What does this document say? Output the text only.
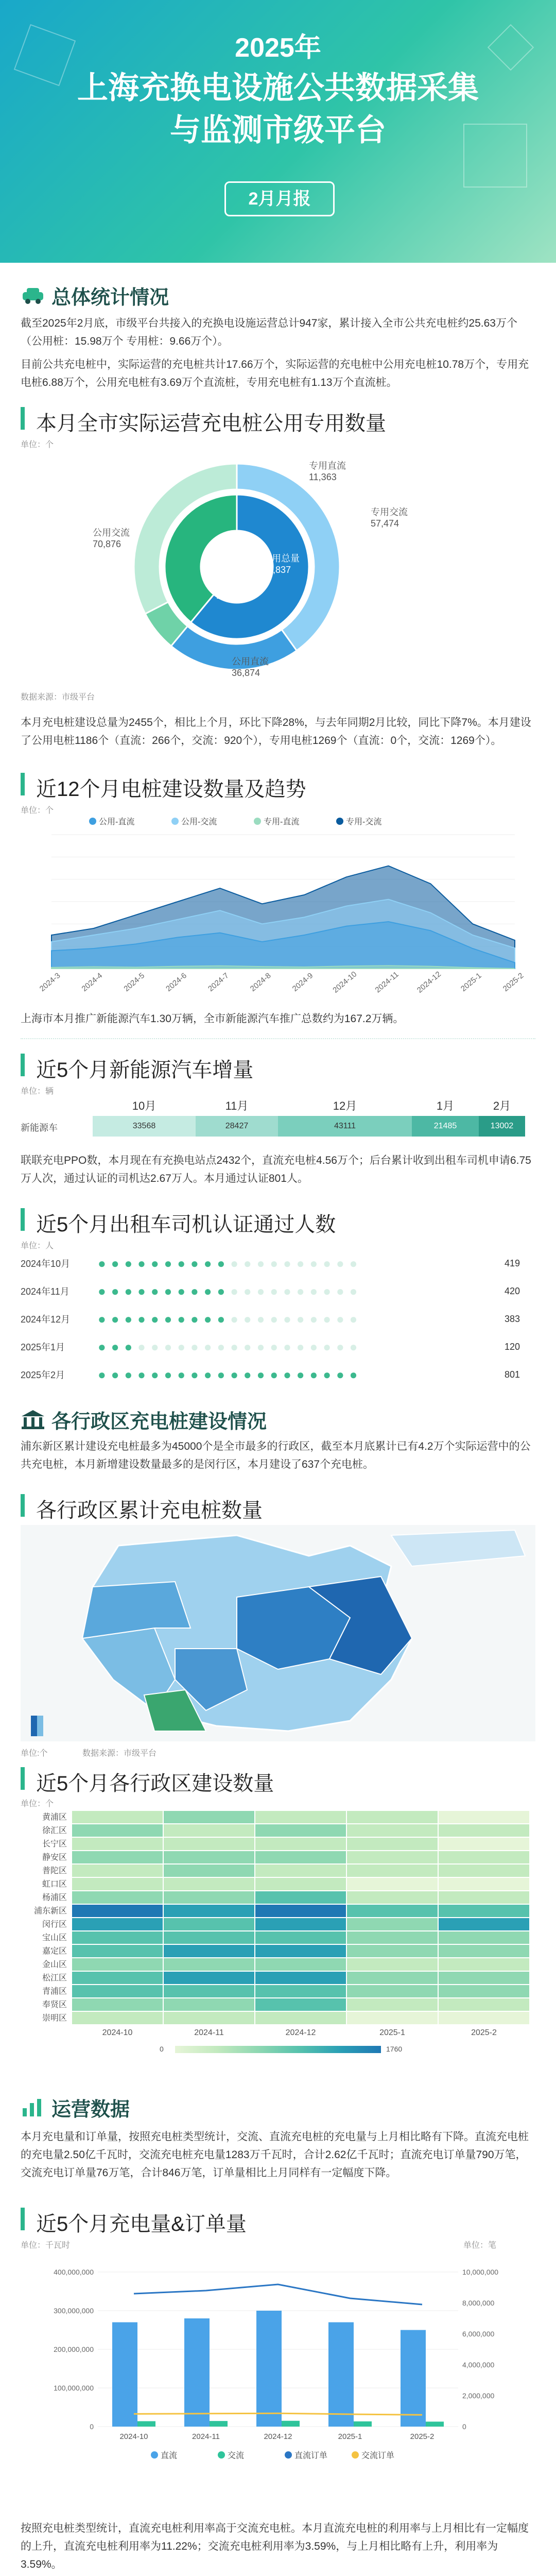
2025年
上海充换电设施公共数据采集与监测市级平台
2月月报
总体统计情况
截至2025年2月底，市级平台共接入的充换电设施运营总计947家，累计接入全市公共充电桩约25.63万个（公用桩：15.98万个 专用桩：9.66万个）。
目前公共充电桩中，实际运营的充电桩共计17.66万个，实际运营的充电桩中公用充电桩10.78万个，专用充电桩6.88万个，公用充电桩有3.69万个直流桩，专用充电桩有1.13万个直流桩。
本月全市实际运营充电桩公用专用数量
单位：个
公用交流 70,876
公用直流 36,874
专用直流 11,363
专用交流 57,474
专用总量 68,837
公用总量 107,750
数据来源：市级平台
本月充电桩建设总量为2455个，相比上个月，环比下降28%，与去年同期2月比较，同比下降7%。本月建设了公用电桩1186个（直流：266个，交流：920个），专用电桩1269个（直流：0个，交流：1269个）。
近12个月电桩建设数量及趋势
单位：个
公用-直流	公用-交流	专用-直流	专用-交流
2024-3 2024-4 2024-5 2024-6 2024-7 2024-8 2024-9 2024-10 2024-11 2024-12 2025-1 2025-2
上海市本月推广新能源汽车1.30万辆，全市新能源汽车推广总数约为167.2万辆。
近5个月新能源汽车增量
单位：辆
10月	11月	12月	1月	2月
新能源车	33568	28427	43111	21485	13002
联联充电PPO数，本月现在有充换电站点2432个，直流充电桩4.56万个；后台累计收到出租车司机申请6.75万人次，通过认证的司机达2.67万人。本月通过认证801人。
近5个月出租车司机认证通过人数
单位：人
2024年10月	● ● ● ● ● ● ● ● ● ● ● ● ● ● ● ● ● ● ● ●	419
2024年11月	● ● ● ● ● ● ● ● ● ● ● ● ● ● ● ● ● ● ● ●	420
2024年12月	● ● ● ● ● ● ● ● ● ● ● ● ● ● ● ● ● ● ● ●	383
2025年1月	● ● ● ● ● ● ● ● ● ● ● ● ● ● ● ● ● ● ● ●	120
2025年2月	● ● ● ● ● ● ● ● ● ● ● ● ● ● ● ● ● ● ● ●	801
各行政区充电桩建设情况
浦东新区累计建设充电桩最多为45000个是全市最多的行政区，截至本月底累计已有4.2万个实际运营中的公共充电桩，本月新增建设数量最多的是闵行区，本月建设了637个充电桩。
各行政区累计充电桩数量
单位:个	数据来源：市级平台
近5个月各行政区建设数量
单位：个
黄浦区
徐汇区
长宁区
静安区
普陀区
虹口区
杨浦区
浦东新区
闵行区
宝山区
嘉定区
金山区
松江区
青浦区
奉贤区
崇明区
2024-10	2024-11	2024-12	2025-1	2025-2
0	1760
运营数据
本月充电量和订单量，按照充电桩类型统计，交流、直流充电桩的充电量与上月相比略有下降。直流充电桩的充电量2.50亿千瓦时，交流充电桩充电量1283万千瓦时，合计2.62亿千瓦时；直流充电订单量790万笔，交流充电订单量76万笔，合计846万笔，订单量相比上月同样有一定幅度下降。
近5个月充电量&订单量
单位：千瓦时	单位：笔
0
100,000,000
200,000,000
300,000,000
400,000,000
0
2,000,000
4,000,000
6,000,000
8,000,000
10,000,000
2024-10	2024-11	2024-12	2025-1	2025-2
直流	交流	直流订单	交流订单
按照充电桩类型统计，直流充电桩利用率高于交流充电桩。本月直流充电桩的利用率与上月相比有一定幅度的上升，直流充电桩利用率为11.22%；交流充电桩利用率为3.59%，与上月相比略有上升，利用率为3.59%。
